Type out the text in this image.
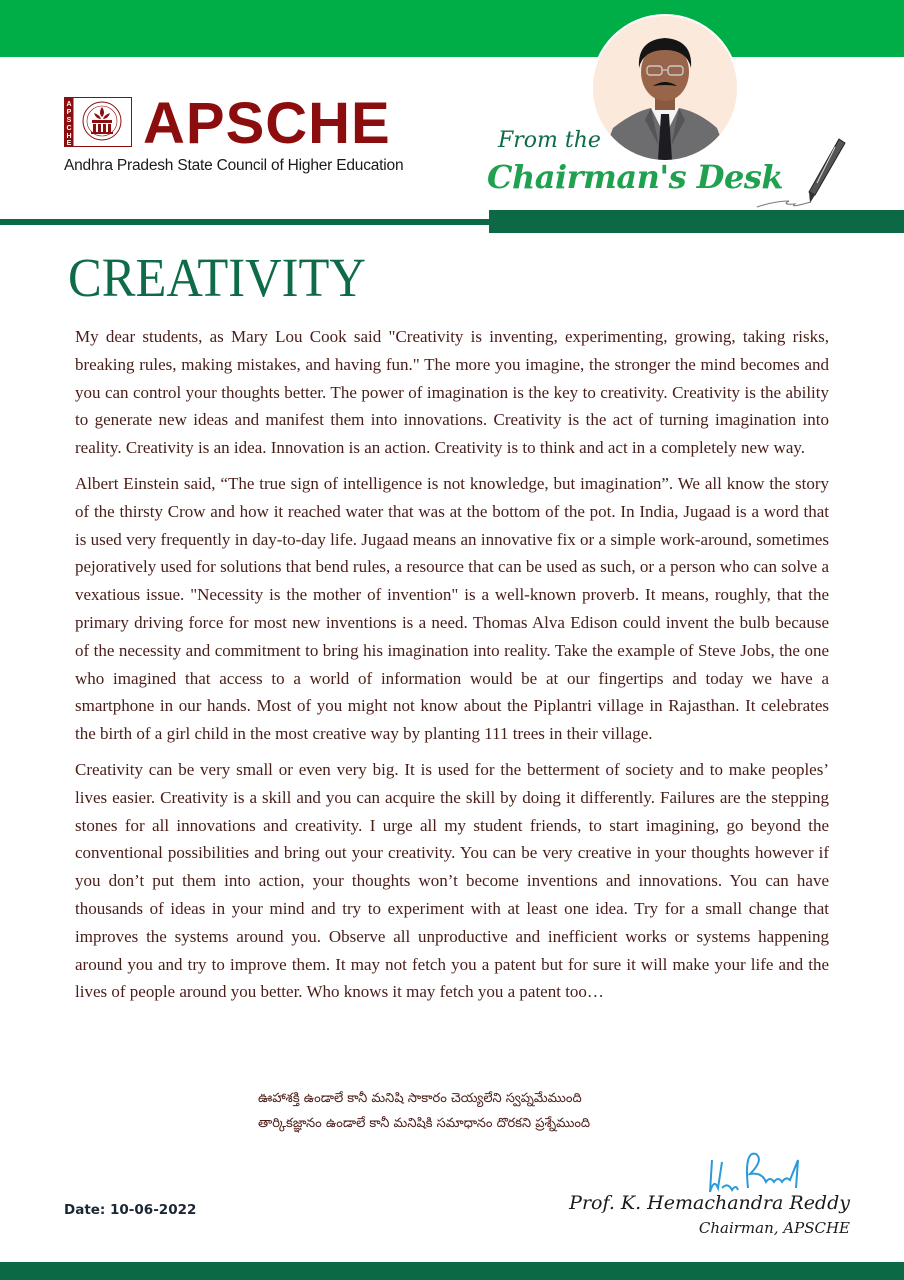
A
P
S
C
H
E APSCHE
Andhra Pradesh State Council of Higher Education
From the
Chairman's Desk
CREATIVITY

My dear students, as Mary Lou Cook said "Creativity is inventing, experimenting, growing, taking risks, breaking rules, making mistakes, and having fun." The more you imagine, the stronger the mind becomes and you can control your thoughts better. The power of imagination is the key to creativity. Creativity is the ability to generate new ideas and manifest them into innovations. Creativity is the act of turning imagination into reality. Creativity is an idea. Innovation is an action. Creativity is to think and act in a completely new way.

Albert Einstein said, “The true sign of intelligence is not knowledge, but imagination”. We all know the story of the thirsty Crow and how it reached water that was at the bottom of the pot. In India, Jugaad is a word that is used very frequently in day-to-day life. Jugaad means an innovative fix or a simple work-around, sometimes pejoratively used for solutions that bend rules, a resource that can be used as such, or a person who can solve a vexatious issue. "Necessity is the mother of invention" is a well-known proverb. It means, roughly, that the primary driving force for most new inventions is a need. Thomas Alva Edison could invent the bulb because of the necessity and commitment to bring his imagination into reality. Take the example of Steve Jobs, the one who imagined that access to a world of information would be at our fingertips and today we have a smartphone in our hands. Most of you might not know about the Piplantri village in Rajasthan. It celebrates the birth of a girl child in the most creative way by planting 111 trees in their village.

Creativity can be very small or even very big. It is used for the betterment of society and to make peoples’ lives easier. Creativity is a skill and you can acquire the skill by doing it differently. Failures are the stepping stones for all innovations and creativity. I urge all my student friends, to start imagining, go beyond the conventional possibilities and bring out your creativity. You can be very creative in your thoughts however if you don’t put them into action, your thoughts won’t become inventions and innovations. You can have thousands of ideas in your mind and try to experiment with at least one idea. Try for a small change that improves the systems around you. Observe all unproductive and inefficient works or systems happening around you and try to improve them. It may not fetch you a patent but for sure it will make your life and the lives of people around you better. Who knows it may fetch you a patent too…

ఊహాశక్తి ఉండాలే కానీ మనిషి సాకారం చెయ్యలేని స్వప్నమేముంది
తార్కికజ్ఞానం ఉండాలే కానీ మనిషికి సమాధానం దొరకని ప్రశ్నేముంది
Date: 10-06-2022	Prof. K. Hemachandra Reddy
Chairman, APSCHE
